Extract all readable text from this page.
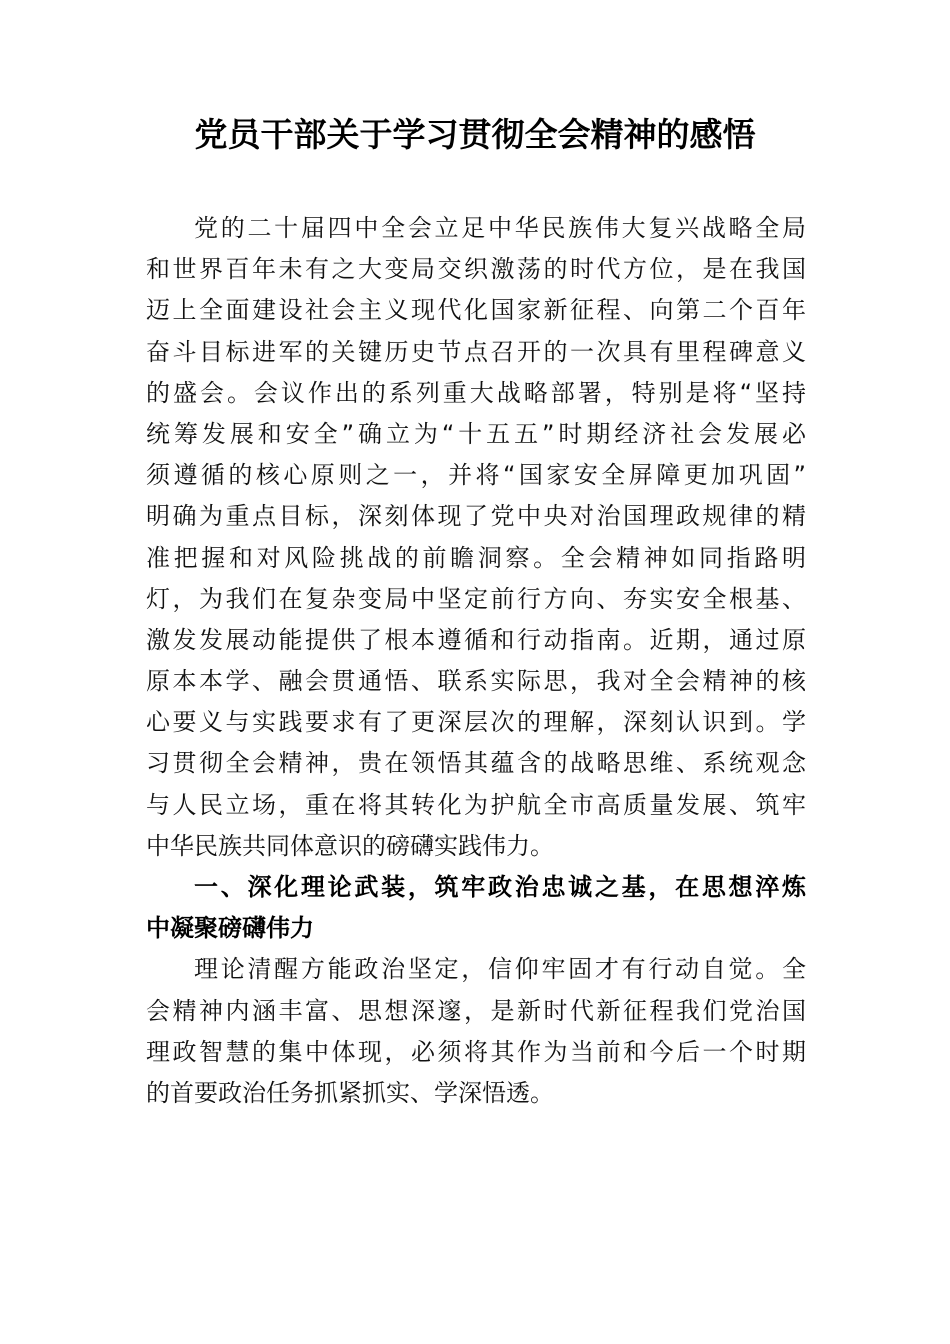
党员干部关于学习贯彻全会精神的感悟
党的二十届四中全会立足中华民族伟大复兴战略全局
和世界百年未有之大变局交织激荡的时代方位，是在我国
迈上全面建设社会主义现代化国家新征程、向第二个百年
奋斗目标进军的关键历史节点召开的一次具有里程碑意义
的盛会。会议作出的系列重大战略部署，特别是将“坚持
统筹发展和安全”确立为“十五五”时期经济社会发展必
须遵循的核心原则之一，并将“国家安全屏障更加巩固”
明确为重点目标，深刻体现了党中央对治国理政规律的精
准把握和对风险挑战的前瞻洞察。全会精神如同指路明
灯，为我们在复杂变局中坚定前行方向、夯实安全根基、
激发发展动能提供了根本遵循和行动指南。近期，通过原
原本本学、融会贯通悟、联系实际思，我对全会精神的核
心要义与实践要求有了更深层次的理解，深刻认识到。学
习贯彻全会精神，贵在领悟其蕴含的战略思维、系统观念
与人民立场，重在将其转化为护航全市高质量发展、筑牢
中华民族共同体意识的磅礴实践伟力。
一、深化理论武装，筑牢政治忠诚之基，在思想淬炼
中凝聚磅礴伟力
理论清醒方能政治坚定，信仰牢固才有行动自觉。全
会精神内涵丰富、思想深邃，是新时代新征程我们党治国
理政智慧的集中体现，必须将其作为当前和今后一个时期
的首要政治任务抓紧抓实、学深悟透。
